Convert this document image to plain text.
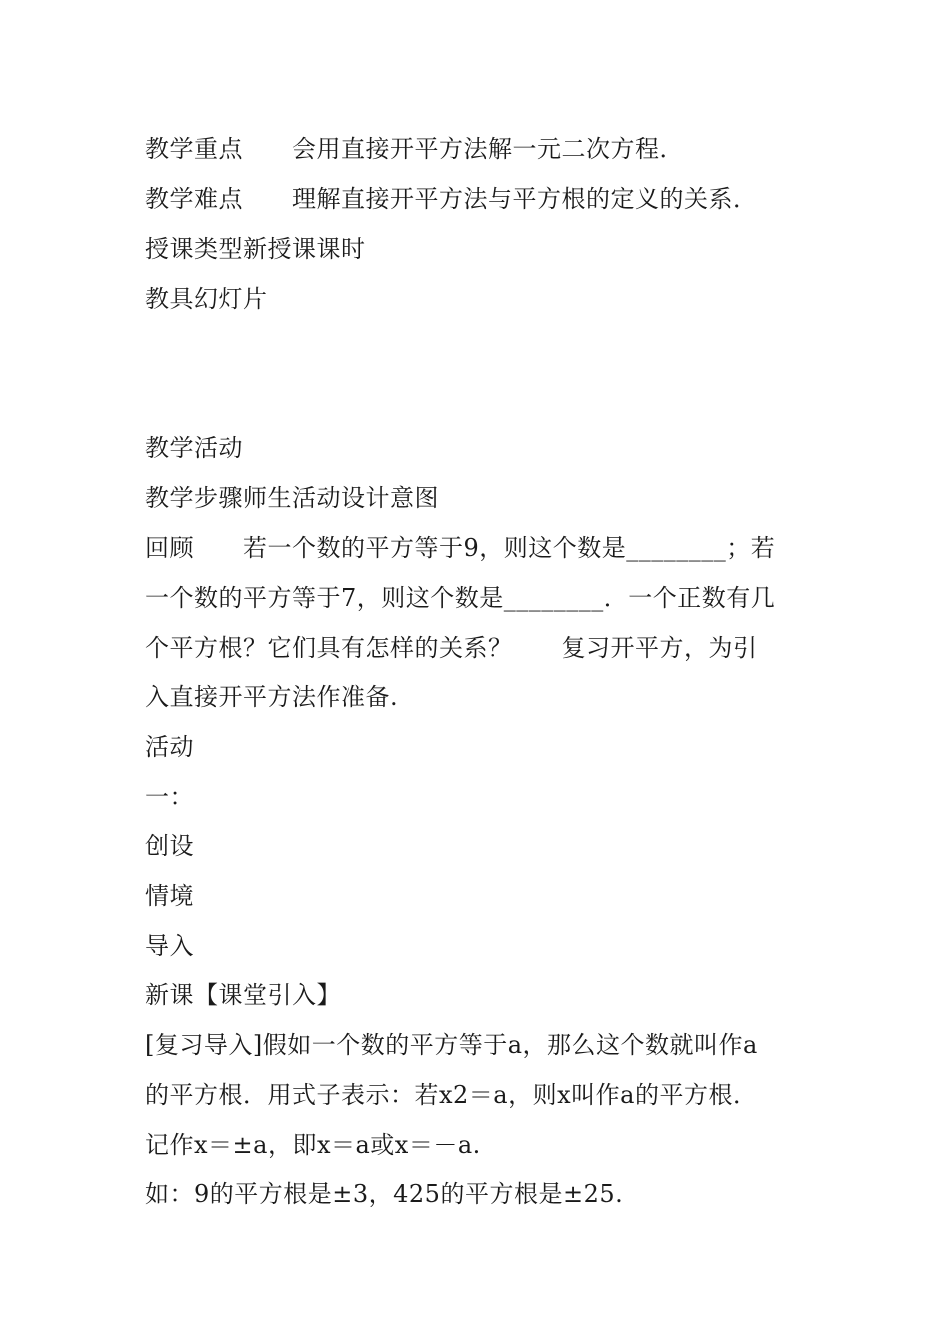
教学重点　　会用直接开平方法解一元二次方程．
教学难点　　理解直接开平方法与平方根的定义的关系．
授课类型新授课课时
教具幻灯片
教学活动
教学步骤师生活动设计意图
回顾　　若一个数的平方等于9，则这个数是________；若
一个数的平方等于7，则这个数是________．一个正数有几
个平方根？它们具有怎样的关系？　　复习开平方，为引
入直接开平方法作准备.
活动
一：
创设
情境
导入
新课【课堂引入】
[复习导入]假如一个数的平方等于a，那么这个数就叫作a
的平方根．用式子表示：若x2＝a，则x叫作a的平方根．
记作x＝±a，即x＝a或x＝－a.
如：9的平方根是±3，425的平方根是±25.
